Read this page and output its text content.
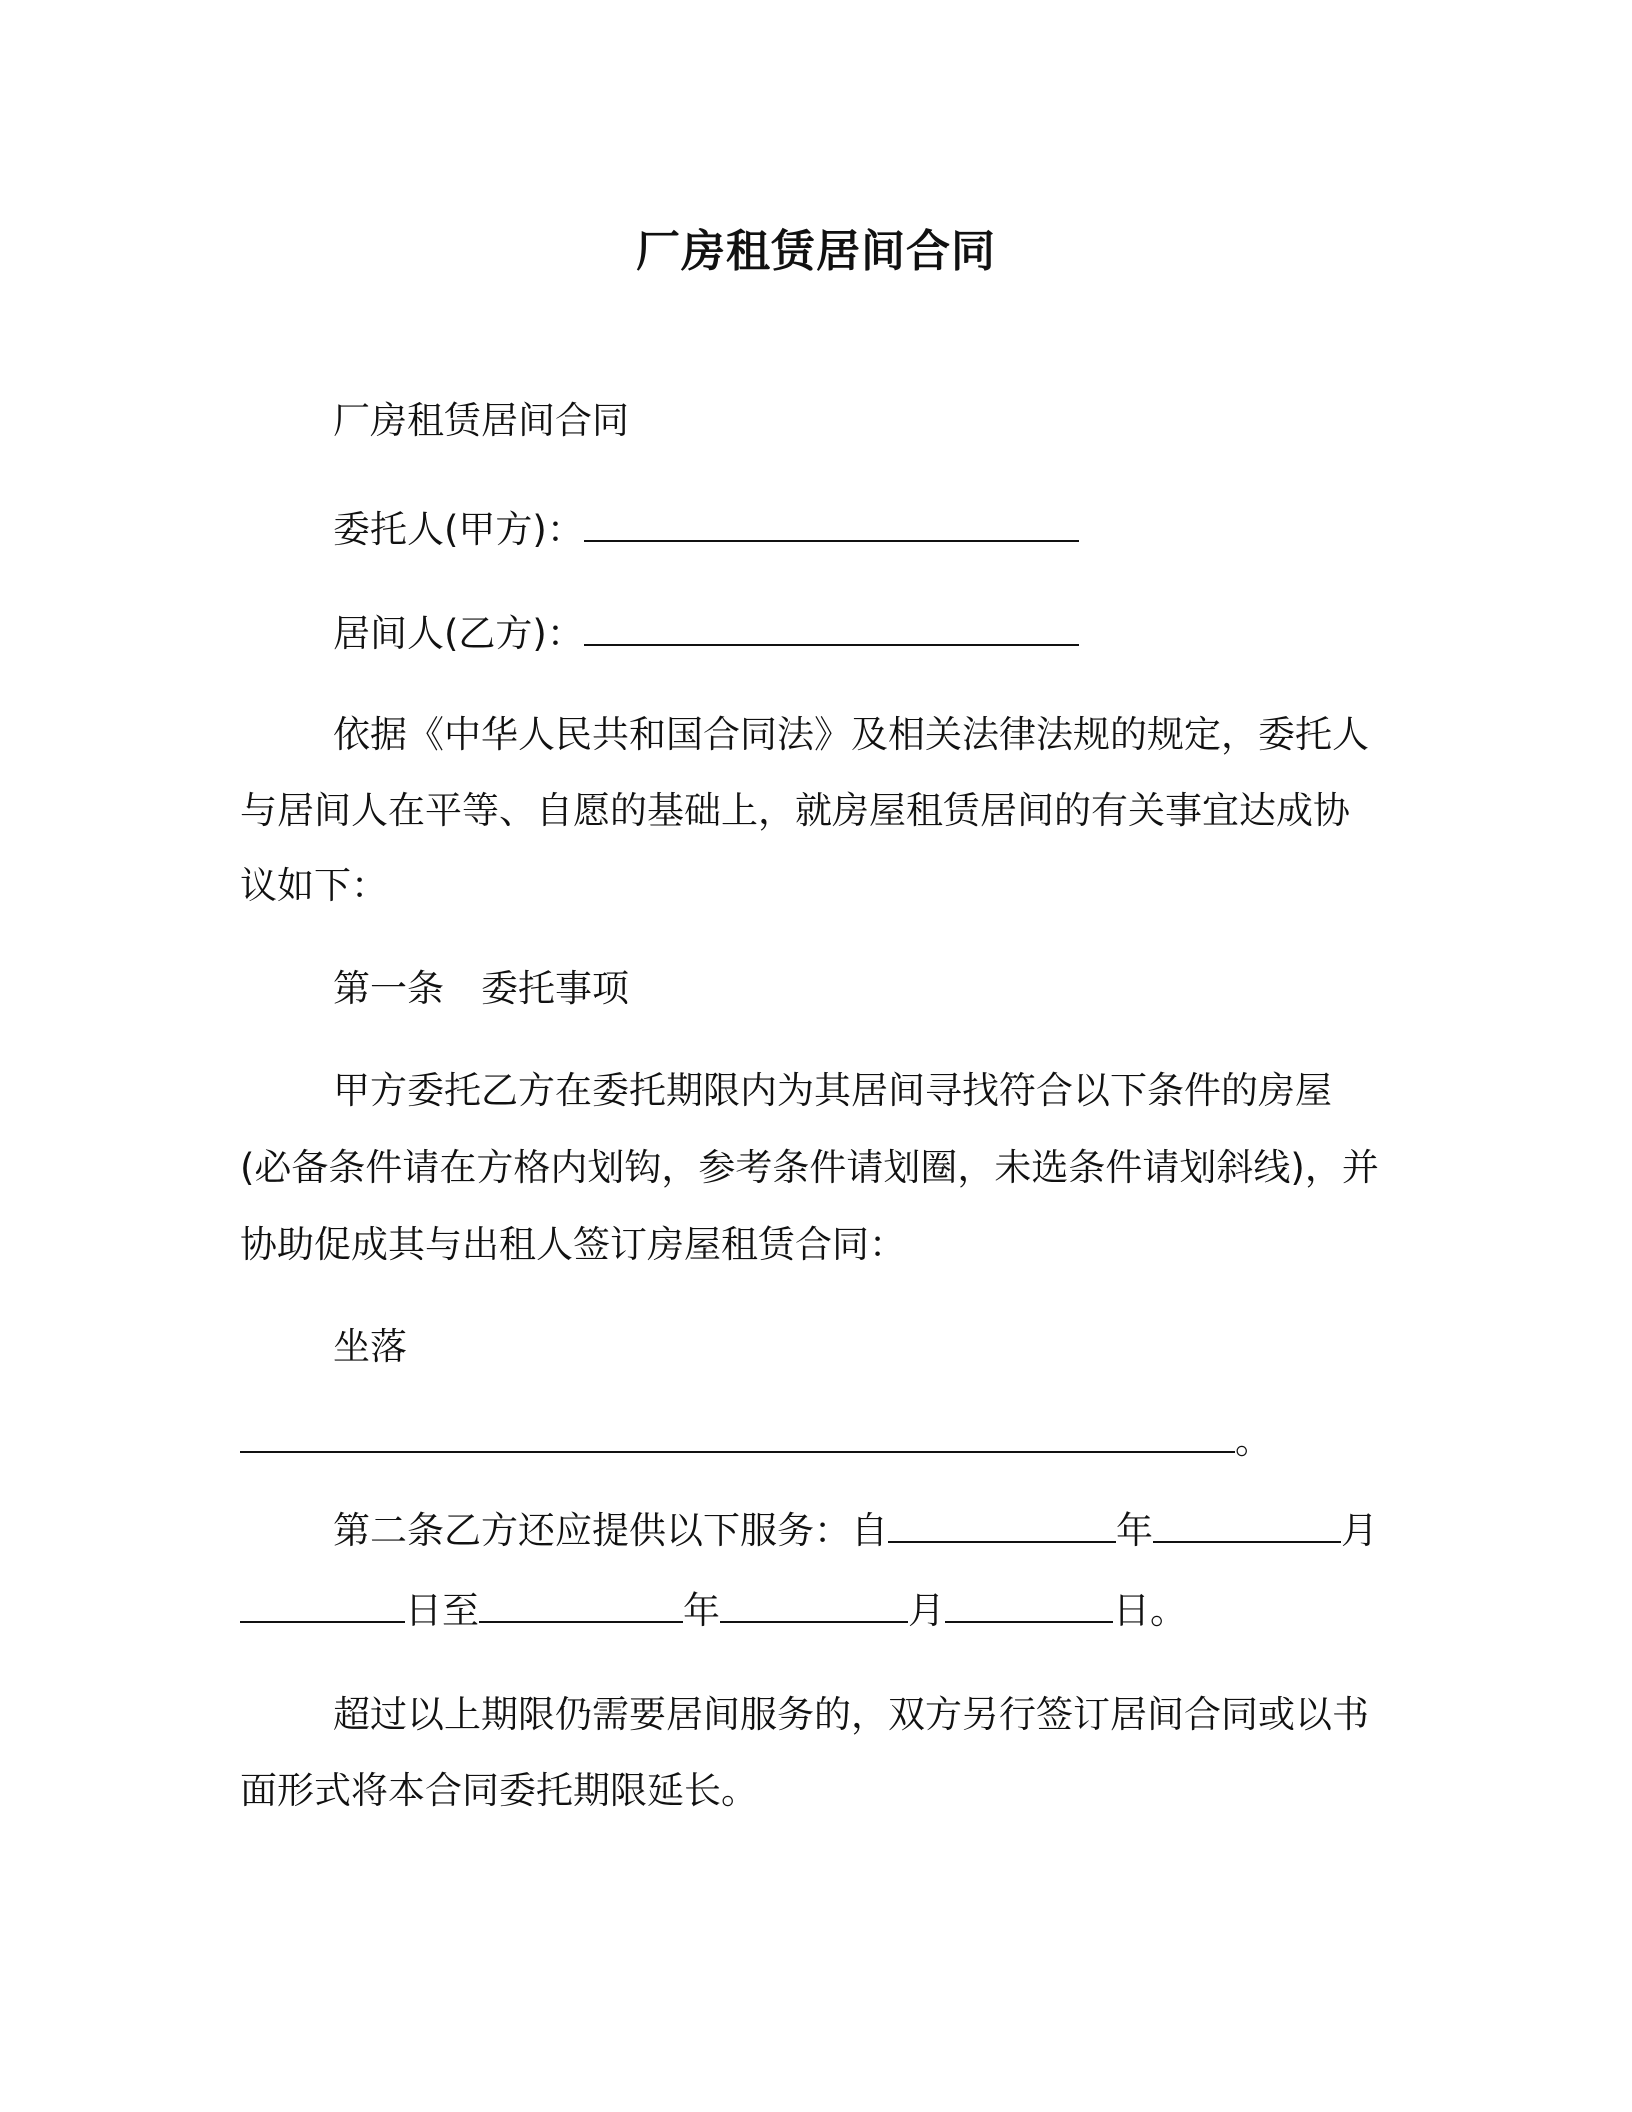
厂房租赁居间合同
厂房租赁居间合同
委托人(甲方)：
居间人(乙方)：
依据《中华人民共和国合同法》及相关法律法规的规定，委托人
与居间人在平等、自愿的基础上，就房屋租赁居间的有关事宜达成协
议如下：
第一条　委托事项
甲方委托乙方在委托期限内为其居间寻找符合以下条件的房屋
(必备条件请在方格内划钩，参考条件请划圈，未选条件请划斜线)，并
协助促成其与出租人签订房屋租赁合同：
坐落
。
第二条乙方还应提供以下服务：自	年	月
日至	年	月	日。
超过以上期限仍需要居间服务的，双方另行签订居间合同或以书
面形式将本合同委托期限延长。
